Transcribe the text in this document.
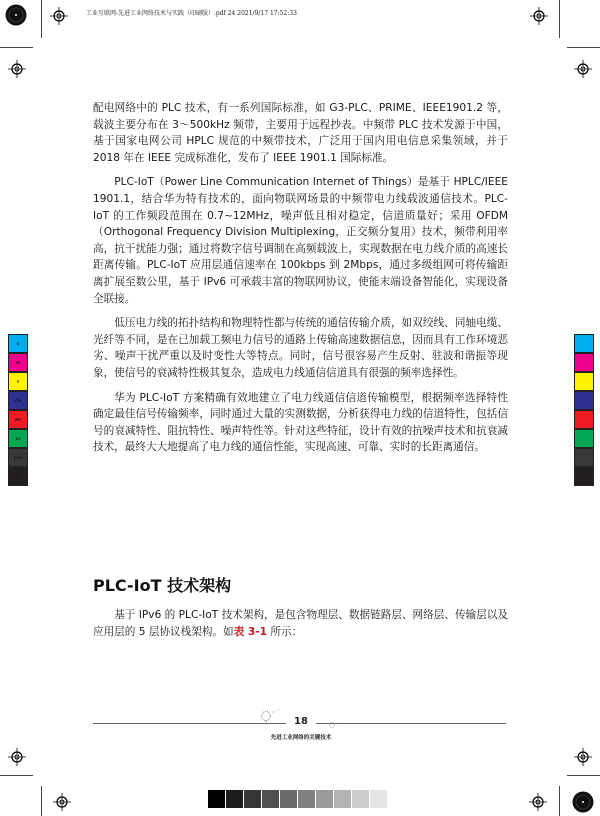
工业互联网-先进工业网络技术与实践（印刷版）.pdf 24 2021/9/17 17:52:33

配电网络中的 PLC 技术，有一系列国际标准，如 G3-PLC、PRIME、IEEE1901.2 等，载波主要分布在 3～500kHz 频带，主要用于远程抄表。中频带 PLC 技术发源于中国，基于国家电网公司 HPLC 规范的中频带技术，广泛用于国内用电信息采集领域，并于 2018 年在 IEEE 完成标准化，发布了 IEEE 1901.1 国际标准。

PLC-IoT（Power Line Communication Internet of Things）是基于 HPLC/IEEE 1901.1，结合华为特有技术的，面向物联网场景的中频带电力线载波通信技术。PLC-IoT 的工作频段范围在 0.7~12MHz，噪声低且相对稳定，信道质量好；采用 OFDM（Orthogonal Frequency Division Multiplexing，正交频分复用）技术，频带利用率高，抗干扰能力强；通过将数字信号调制在高频载波上，实现数据在电力线介质的高速长距离传输。PLC-IoT 应用层通信速率在 100kbps 到 2Mbps，通过多级组网可将传输距离扩展至数公里，基于 IPv6 可承载丰富的物联网协议，使能末端设备智能化，实现设备全联接。

低压电力线的拓扑结构和物理特性都与传统的通信传输介质，如双绞线、同轴电缆、光纤等不同，是在已加载工频电力信号的通路上传输高速数据信息，因而具有工作环境恶劣、噪声干扰严重以及时变性大等特点。同时，信号很容易产生反射、驻波和谐振等现象，使信号的衰减特性极其复杂，造成电力线通信信道具有很强的频率选择性。

华为 PLC-IoT 方案精确有效地建立了电力线通信信道传输模型，根据频率选择特性确定最佳信号传输频率，同时通过大量的实测数据，分析获得电力线的信道特性，包括信号的衰减特性、阻抗特性、噪声特性等。针对这些特征，设计有效的抗噪声技术和抗衰减技术，最终大大地提高了电力线的通信性能，实现高速、可靠、实时的长距离通信。

PLC-IoT 技术架构

基于 IPv6 的 PLC-IoT 技术架构，是包含物理层、数据链路层、网络层、传输层以及应用层的 5 层协议栈架构。如表 3-1 所示：

18
先进工业网络的关键技术
C
M
Y
CM
MY
CY
CMY
K
